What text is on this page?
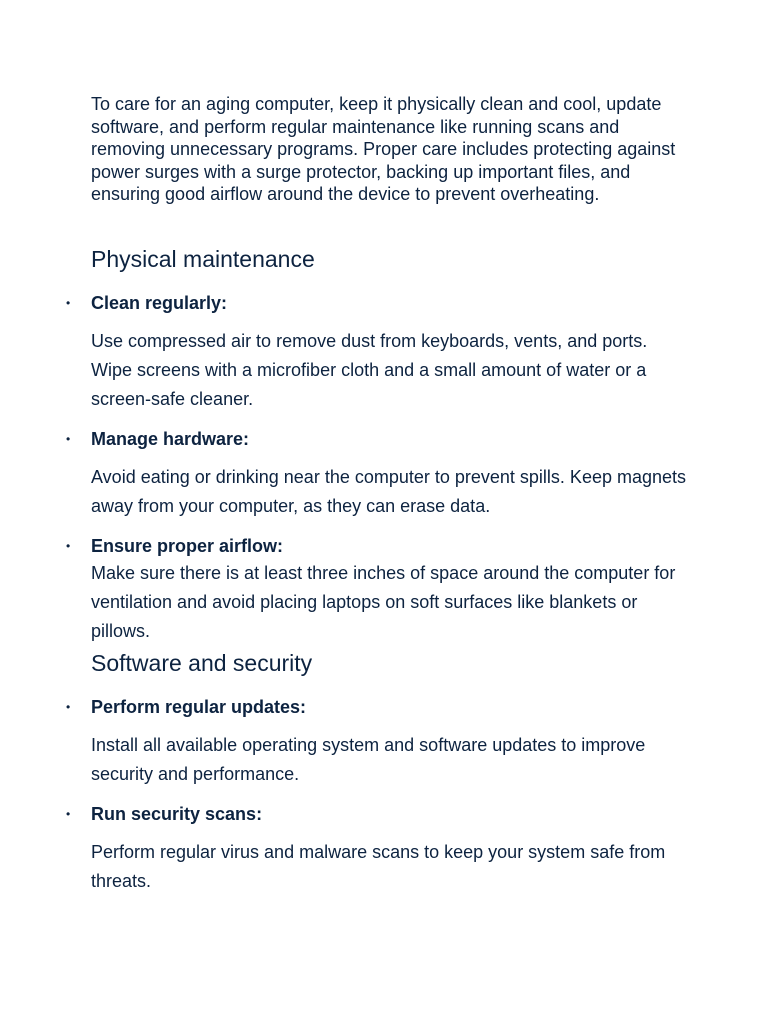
To care for an aging computer, keep it physically clean and cool, update software, and perform regular maintenance like running scans and removing unnecessary programs. Proper care includes protecting against power surges with a surge protector, backing up important files, and ensuring good airflow around the device to prevent overheating.

Physical maintenance
• Clean regularly:

Use compressed air to remove dust from keyboards, vents, and ports. Wipe screens with a microfiber cloth and a small amount of water or a screen-safe cleaner.

• Manage hardware:

Avoid eating or drinking near the computer to prevent spills. Keep magnets away from your computer, as they can erase data.

• Ensure proper airflow:

Make sure there is at least three inches of space around the computer for ventilation and avoid placing laptops on soft surfaces like blankets or pillows.

Software and security
• Perform regular updates:

Install all available operating system and software updates to improve security and performance.

• Run security scans:

Perform regular virus and malware scans to keep your system safe from threats.
